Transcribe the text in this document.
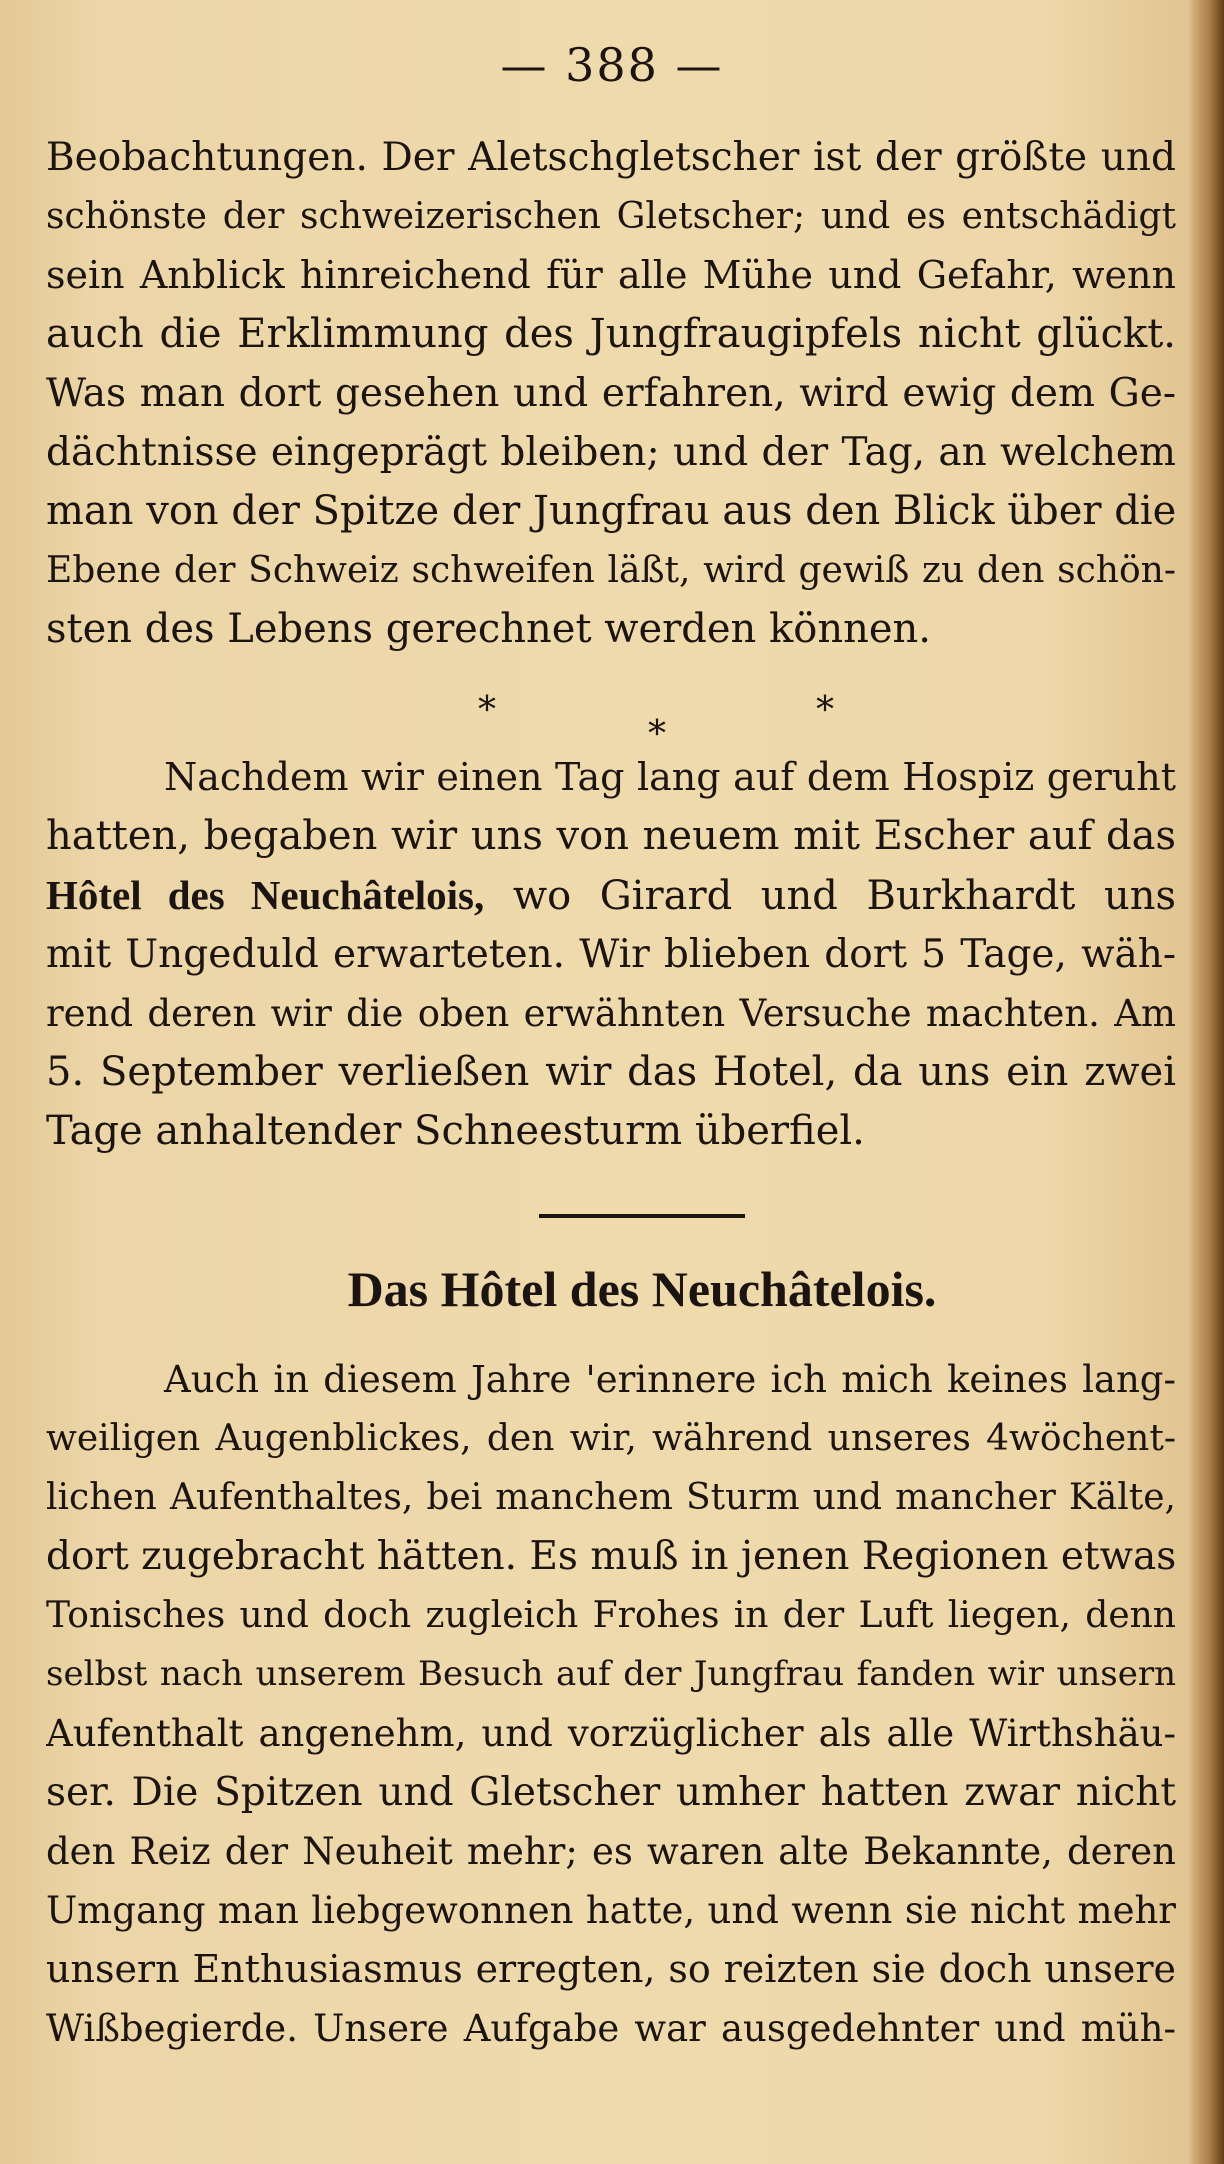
— 388 —
Beobachtungen. Der Aletschgletscher ist der größte und
schönste der schweizerischen Gletscher; und es entschädigt
sein Anblick hinreichend für alle Mühe und Gefahr, wenn
auch die Erklimmung des Jungfraugipfels nicht glückt.
Was man dort gesehen und erfahren, wird ewig dem Ge-
dächtnisse eingeprägt bleiben; und der Tag, an welchem
man von der Spitze der Jungfrau aus den Blick über die
Ebene der Schweiz schweifen läßt, wird gewiß zu den schön-
sten des Lebens gerechnet werden können.
*	*
*
Nachdem wir einen Tag lang auf dem Hospiz geruht
hatten, begaben wir uns von neuem mit Escher auf das
Hôtel des Neuchâtelois, wo Girard und Burkhardt uns
mit Ungeduld erwarteten. Wir blieben dort 5 Tage, wäh-
rend deren wir die oben erwähnten Versuche machten. Am
5. September verließen wir das Hotel, da uns ein zwei
Tage anhaltender Schneesturm überfiel.
Das Hôtel des Neuchâtelois.
Auch in diesem Jahre 'erinnere ich mich keines lang-
weiligen Augenblickes, den wir, während unseres 4wöchent-
lichen Aufenthaltes, bei manchem Sturm und mancher Kälte,
dort zugebracht hätten. Es muß in jenen Regionen etwas
Tonisches und doch zugleich Frohes in der Luft liegen, denn
selbst nach unserem Besuch auf der Jungfrau fanden wir unsern
Aufenthalt angenehm, und vorzüglicher als alle Wirthshäu-
ser. Die Spitzen und Gletscher umher hatten zwar nicht
den Reiz der Neuheit mehr; es waren alte Bekannte, deren
Umgang man liebgewonnen hatte, und wenn sie nicht mehr
unsern Enthusiasmus erregten, so reizten sie doch unsere
Wißbegierde. Unsere Aufgabe war ausgedehnter und müh-
